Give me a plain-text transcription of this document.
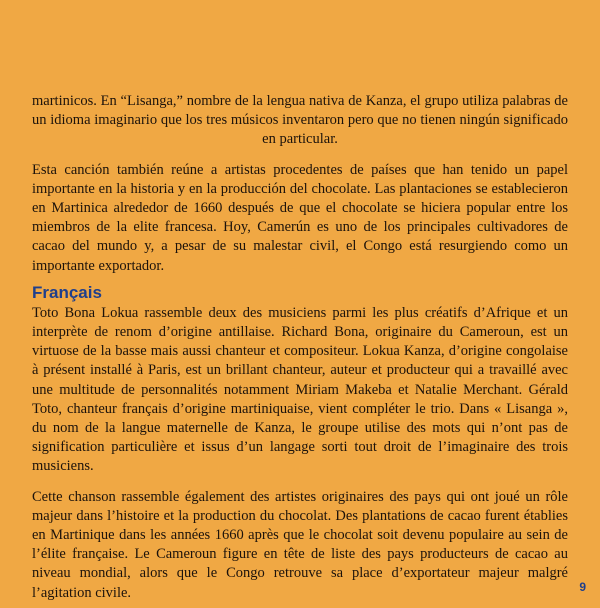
martinicos. En “Lisanga,” nombre de la lengua nativa de Kanza, el grupo utiliza palabras de un idioma imaginario que los tres músicos inventaron pero que no tienen ningún significado en particular.

Esta canción también reúne a artistas procedentes de países que han tenido un papel importante en la historia y en la producción del chocolate. Las plantaciones se establecieron en Martinica alrededor de 1660 después de que el chocolate se hiciera popular entre los miembros de la elite francesa. Hoy, Camerún es uno de los principales cultivadores de cacao del mundo y, a pesar de su malestar civil, el Congo está resurgiendo como un importante exportador.

Français

Toto Bona Lokua rassemble deux des musiciens parmi les plus créatifs d’Afrique et un interprète de renom d’origine antillaise. Richard Bona, originaire du Cameroun, est un virtuose de la basse mais aussi chanteur et compositeur. Lokua Kanza, d’origine congolaise à présent installé à Paris, est un brillant chanteur, auteur et producteur qui a travaillé avec une multitude de personnalités notamment Miriam Makeba et Natalie Merchant. Gérald Toto, chanteur français d’origine martiniquaise, vient compléter le trio. Dans « Lisanga », du nom de la langue maternelle de Kanza, le groupe utilise des mots qui n’ont pas de signification particulière et issus d’un langage sorti tout droit de l’imaginaire des trois musiciens.

Cette chanson rassemble également des artistes originaires des pays qui ont joué un rôle majeur dans l’histoire et la production du chocolat. Des plantations de cacao furent établies en Martinique dans les années 1660 après que le chocolat soit devenu populaire au sein de l’élite française. Le Cameroun figure en tête de liste des pays producteurs de cacao au niveau mondial, alors que le Congo retrouve sa place d’exportateur majeur malgré l’agitation civile.	9
